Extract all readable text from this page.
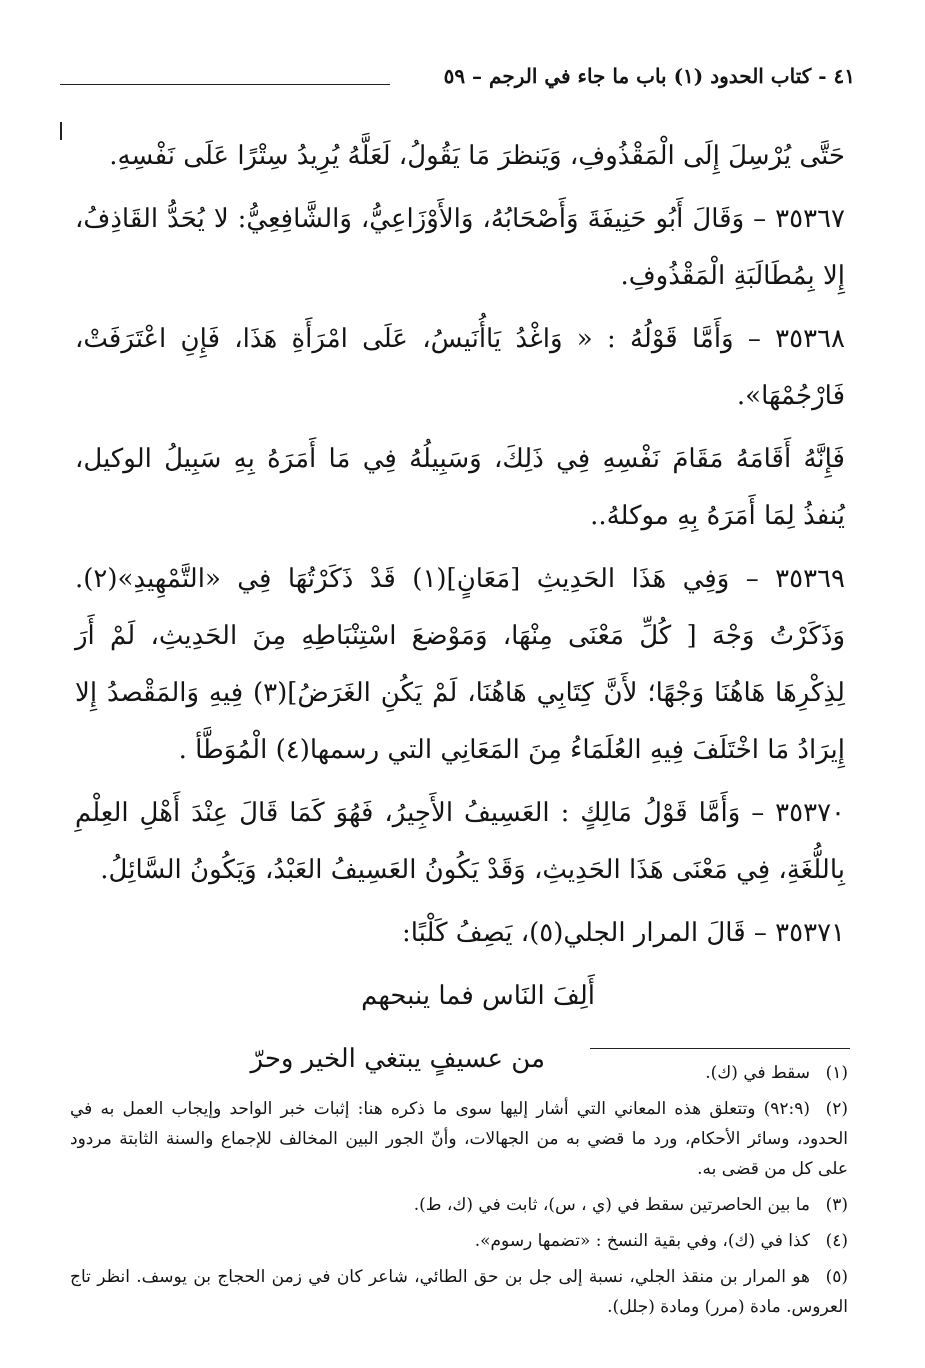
٤١ - كتاب الحدود (١) باب ما جاء في الرجم – ٥٩

حَتَّى يُرْسِلَ إِلَى الْمَقْذُوفِ، وَيَنظرَ مَا يَقُولُ، لَعَلَّهُ يُرِيدُ سِتْرًا عَلَى نَفْسِهِ.

٣٥٣٦٧ – وَقَالَ أَبُو حَنِيفَةَ وَأَصْحَابُهُ، وَالأَوْزَاعِيُّ، وَالشَّافِعِيُّ: لا يُحَدُّ القَاذِفُ، إِلا بِمُطَالَبَةِ الْمَقْذُوفِ.

٣٥٣٦٨ – وَأَمَّا قَوْلُهُ : « وَاغْدُ يَاأُنَيسُ، عَلَى امْرَأَةِ هَذَا، فَإِنِ اعْتَرَفَتْ، فَارْجُمْهَا».

فَإِنَّهُ أَقَامَهُ مَقَامَ نَفْسِهِ فِي ذَلِكَ، وَسَبِيلُهُ فِي مَا أَمَرَهُ بِهِ سَبِيلُ الوكيل، يُنفذُ لِمَا أَمَرَهُ بِهِ موكلهُ..

٣٥٣٦٩ – وَفِي هَذَا الحَدِيثِ [مَعَانٍ](١) قَدْ ذَكَرْتُهَا فِي «التَّمْهِيدِ»(٢). وَذَكَرْتُ وَجْهَ [ كُلِّ مَعْنَى مِنْهَا، وَمَوْضعَ اسْتِنْبَاطِهِ مِنَ الحَدِيثِ، لَمْ أَرَ لِذِكْرِهَا هَاهُنَا وَجْهًا؛ لأَنَّ كِتَابِي هَاهُنَا، لَمْ يَكُنِ الغَرَضُ](٣) فِيهِ وَالمَقْصدُ إِلا إِيرَادُ مَا اخْتَلَفَ فِيهِ العُلَمَاءُ مِنَ المَعَانِي التي رسمها(٤) الْمُوَطَّأ .

٣٥٣٧٠ – وَأَمَّا قَوْلُ مَالِكٍ : العَسِيفُ الأَجِيرُ، فَهُوَ كَمَا قَالَ عِنْدَ أَهْلِ العِلْمِ بِاللُّغَةِ، فِي مَعْنَى هَذَا الحَدِيثِ، وَقَدْ يَكُونُ العَسِيفُ العَبْدُ، وَيَكُونُ السَّائِلُ.

٣٥٣٧١ – قَالَ المرار الجلي(٥)، يَصِفُ كَلْبًا:

أَلِفَ النَاس فما ينبحهم

من عسيفٍ يبتغي الخير وحرّ	(١)سقط في (ك).

(٢)(٩٢:٩) وتتعلق هذه المعاني التي أشار إليها سوى ما ذكره هنا: إثبات خبر الواحد وإيجاب العمل به في الحدود، وسائر الأحكام، ورد ما قضي به من الجهالات، وأنّ الجور البين المخالف للإجماع والسنة الثابتة مردود على كل من قضى به.

(٣)ما بين الحاصرتين سقط في (ي ، س)، ثابت في (ك، ط).

(٤)كذا في (ك)، وفي بقية النسخ : «تضمها رسوم».

(٥)هو المرار بن منقذ الجلي، نسبة إلى جل بن حق الطائي، شاعر كان في زمن الحجاج بن يوسف. انظر تاج العروس. مادة (مرر) ومادة (جلل).
